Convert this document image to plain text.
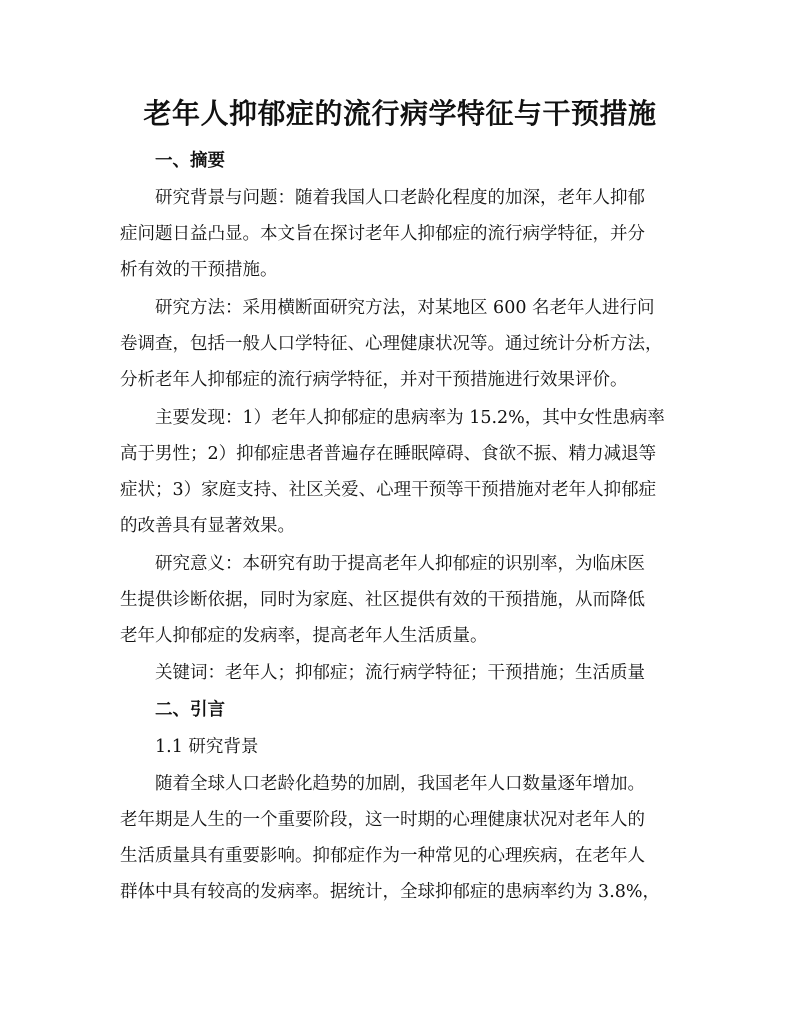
老年人抑郁症的流行病学特征与干预措施
一、摘要
研究背景与问题：随着我国人口老龄化程度的加深，老年人抑郁
症问题日益凸显。本文旨在探讨老年人抑郁症的流行病学特征，并分
析有效的干预措施。
研究方法：采用横断面研究方法，对某地区 600 名老年人进行问
卷调查，包括一般人口学特征、心理健康状况等。通过统计分析方法，
分析老年人抑郁症的流行病学特征，并对干预措施进行效果评价。
主要发现：1）老年人抑郁症的患病率为 15.2%，其中女性患病率
高于男性；2）抑郁症患者普遍存在睡眠障碍、食欲不振、精力减退等
症状；3）家庭支持、社区关爱、心理干预等干预措施对老年人抑郁症
的改善具有显著效果。
研究意义：本研究有助于提高老年人抑郁症的识别率，为临床医
生提供诊断依据，同时为家庭、社区提供有效的干预措施，从而降低
老年人抑郁症的发病率，提高老年人生活质量。
关键词：老年人；抑郁症；流行病学特征；干预措施；生活质量
二、引言
1.1 研究背景
随着全球人口老龄化趋势的加剧，我国老年人口数量逐年增加。
老年期是人生的一个重要阶段，这一时期的心理健康状况对老年人的
生活质量具有重要影响。抑郁症作为一种常见的心理疾病，在老年人
群体中具有较高的发病率。据统计，全球抑郁症的患病率约为 3.8%，
